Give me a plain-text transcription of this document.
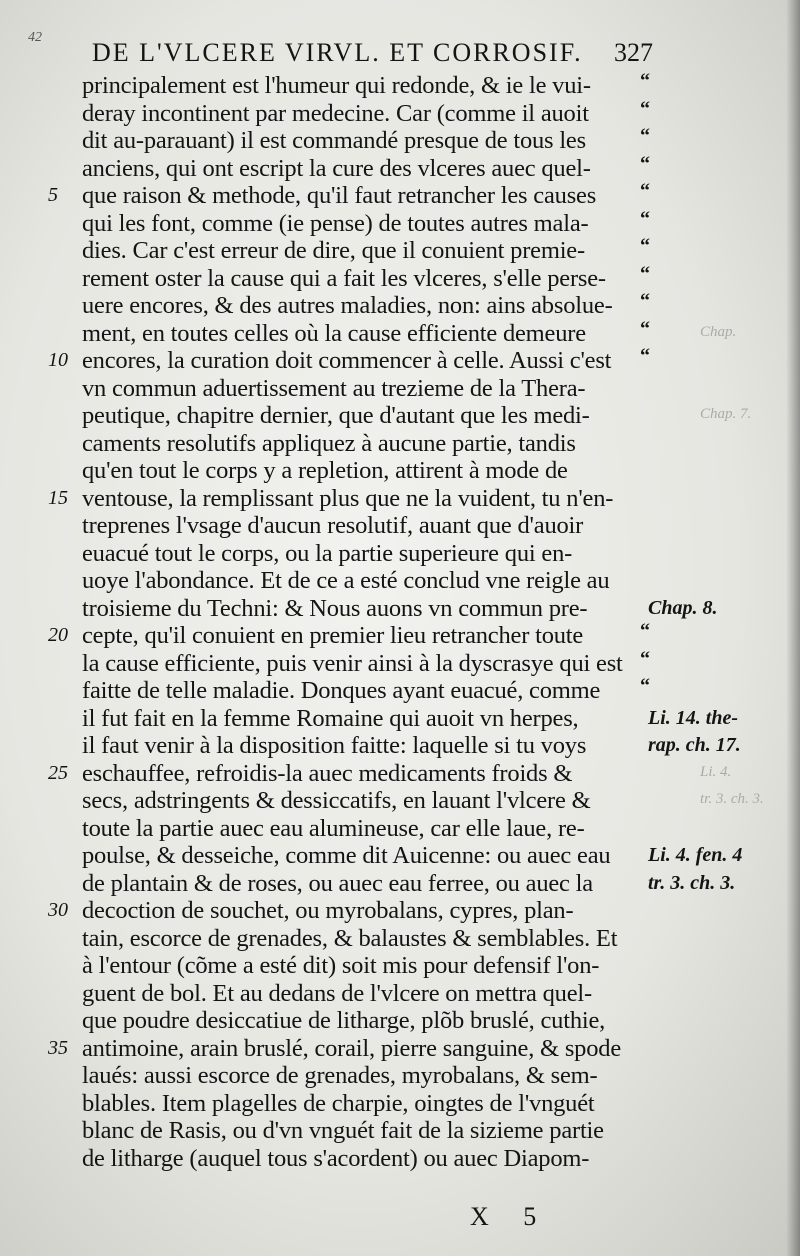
42
DE L'VLCERE VIRVL. ET CORROSIF.	327
principalement est l'humeur qui redonde, & ie le vui-
deray incontinent par medecine. Car (comme il auoit
dit au-parauant) il est commandé presque de tous les
anciens, qui ont escript la cure des vlceres auec quel-
que raison & methode, qu'il faut retrancher les causes
qui les font, comme (ie pense) de toutes autres mala-
dies. Car c'est erreur de dire, que il conuient premie-
rement oster la cause qui a fait les vlceres, s'elle perse-
uere encores, & des autres maladies, non: ains absolue-
ment, en toutes celles où la cause efficiente demeure
encores, la curation doit commencer à celle. Aussi c'est
vn commun aduertissement au trezieme de la Thera-
peutique, chapitre dernier, que d'autant que les medi-
caments resolutifs appliquez à aucune partie, tandis
qu'en tout le corps y a repletion, attirent à mode de
ventouse, la remplissant plus que ne la vuident, tu n'en-
treprenes l'vsage d'aucun resolutif, auant que d'auoir
euacué tout le corps, ou la partie superieure qui en-
uoye l'abondance. Et de ce a esté conclud vne reigle au
troisieme du Techni: & Nous auons vn commun pre-
cepte, qu'il conuient en premier lieu retrancher toute
la cause efficiente, puis venir ainsi à la dyscrasye qui est
faitte de telle maladie. Donques ayant euacué, comme
il fut fait en la femme Romaine qui auoit vn herpes,
il faut venir à la disposition faitte: laquelle si tu voys
eschauffee, refroidis-la auec medicaments froids &
secs, adstringents & dessiccatifs, en lauant l'vlcere &
toute la partie auec eau alumineuse, car elle laue, re-
poulse, & desseiche, comme dit Auicenne: ou auec eau
de plantain & de roses, ou auec eau ferree, ou auec la
decoction de souchet, ou myrobalans, cypres, plan-
tain, escorce de grenades, & balaustes & semblables. Et
à l'entour (cõme a esté dit) soit mis pour defensif l'on-
guent de bol. Et au dedans de l'vlcere on mettra quel-
que poudre desiccatiue de litharge, plõb bruslé, cuthie,
antimoine, arain bruslé, corail, pierre sanguine, & spode
laués: aussi escorce de grenades, myrobalans, & sem-
blables. Item plagelles de charpie, oingtes de l'vnguét
blanc de Rasis, ou d'vn vnguét fait de la sizieme partie
de litharge (auquel tous s'acordent) ou auec Diapom-
5
10
15
20
25
30
35
“
“
“
“
“
“
“
“
“
“
“
“
“
“
Chap. 8.
Li. 14. the-
rap. ch. 17.
Li. 4. fen. 4
tr. 3. ch. 3.
Chap.
Chap. 7.
Li. 4.
tr. 3. ch. 3.
X 5
